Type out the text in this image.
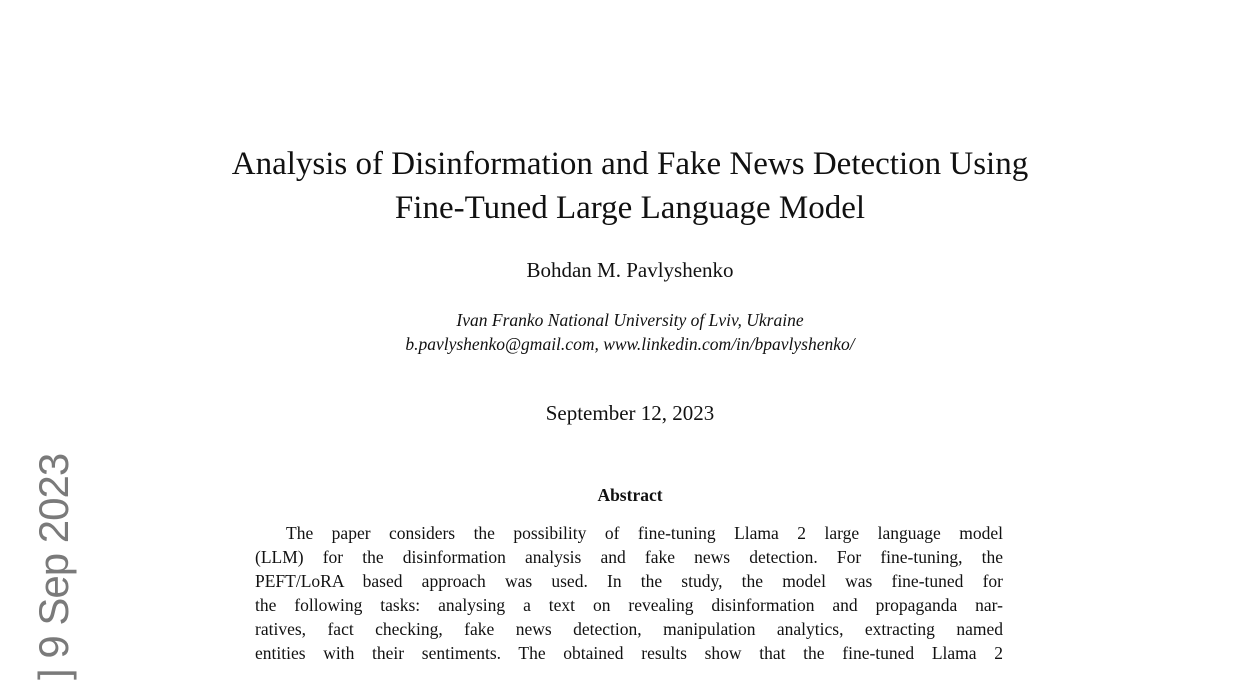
] 9 Sep 2023
Analysis of Disinformation and Fake News Detection Using
Fine-Tuned Large Language Model
Bohdan M. Pavlyshenko
Ivan Franko National University of Lviv, Ukraine
b.pavlyshenko@gmail.com, www.linkedin.com/in/bpavlyshenko/
September 12, 2023
Abstract
The paper considers the possibility of fine-tuning Llama 2 large language model
(LLM) for the disinformation analysis and fake news detection. For fine-tuning, the
PEFT/LoRA based approach was used. In the study, the model was fine-tuned for
the following tasks: analysing a text on revealing disinformation and propaganda nar-
ratives, fact checking, fake news detection, manipulation analytics, extracting named
entities with their sentiments. The obtained results show that the fine-tuned Llama 2
